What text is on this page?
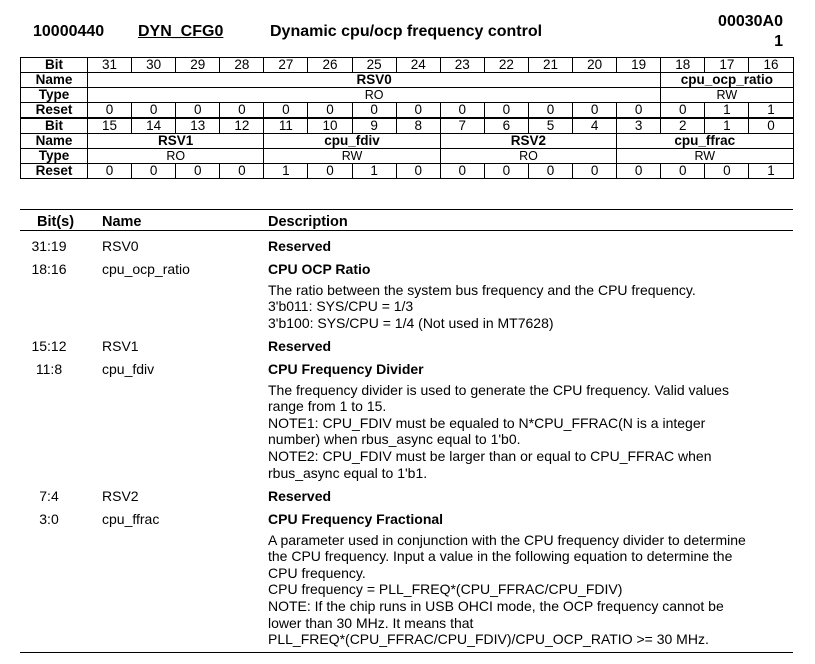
10000440 DYN_CFG0	Dynamic cpu/ocp frequency control
00030A0
1
Bit	31	30	29	28	27	26	25	24	23	22	21	20	19	18	17	16
Name	RSV0													cpu_ocp_ratio		
Type	RO													RW		
Reset	0	0	0	0	0	0	0	0	0	0	0	0	0	0	1	1
Bit	15	14	13	12	11	10	9	8	7	6	5	4	3	2	1	0
Name	RSV1				cpu_fdiv				RSV2				cpu_ffrac			
Type	RO				RW				RO				RW			
Reset	0	0	0	0	1	0	1	0	0	0	0	0	0	0	0	1
Bit(s) Name	Description
31:19	RSV0	Reserved
18:16	cpu_ocp_ratio	CPU OCP Ratio
The ratio between the system bus frequency and the CPU frequency.
3'b011: SYS/CPU = 1/3
3'b100: SYS/CPU = 1/4 (Not used in MT7628)
15:12	RSV1	Reserved
11:8	cpu_fdiv	CPU Frequency Divider
The frequency divider is used to generate the CPU frequency. Valid values
range from 1 to 15.
NOTE1: CPU_FDIV must be equaled to N*CPU_FFRAC(N is a integer
number) when rbus_async equal to 1'b0.
NOTE2: CPU_FDIV must be larger than or equal to CPU_FFRAC when
rbus_async equal to 1'b1.
7:4	RSV2	Reserved
3:0	cpu_ffrac	CPU Frequency Fractional
A parameter used in conjunction with the CPU frequency divider to determine
the CPU frequency. Input a value in the following equation to determine the
CPU frequency.
CPU frequency = PLL_FREQ*(CPU_FFRAC/CPU_FDIV)
NOTE: If the chip runs in USB OHCI mode, the OCP frequency cannot be
lower than 30 MHz. It means that
PLL_FREQ*(CPU_FFRAC/CPU_FDIV)/CPU_OCP_RATIO >= 30 MHz.
